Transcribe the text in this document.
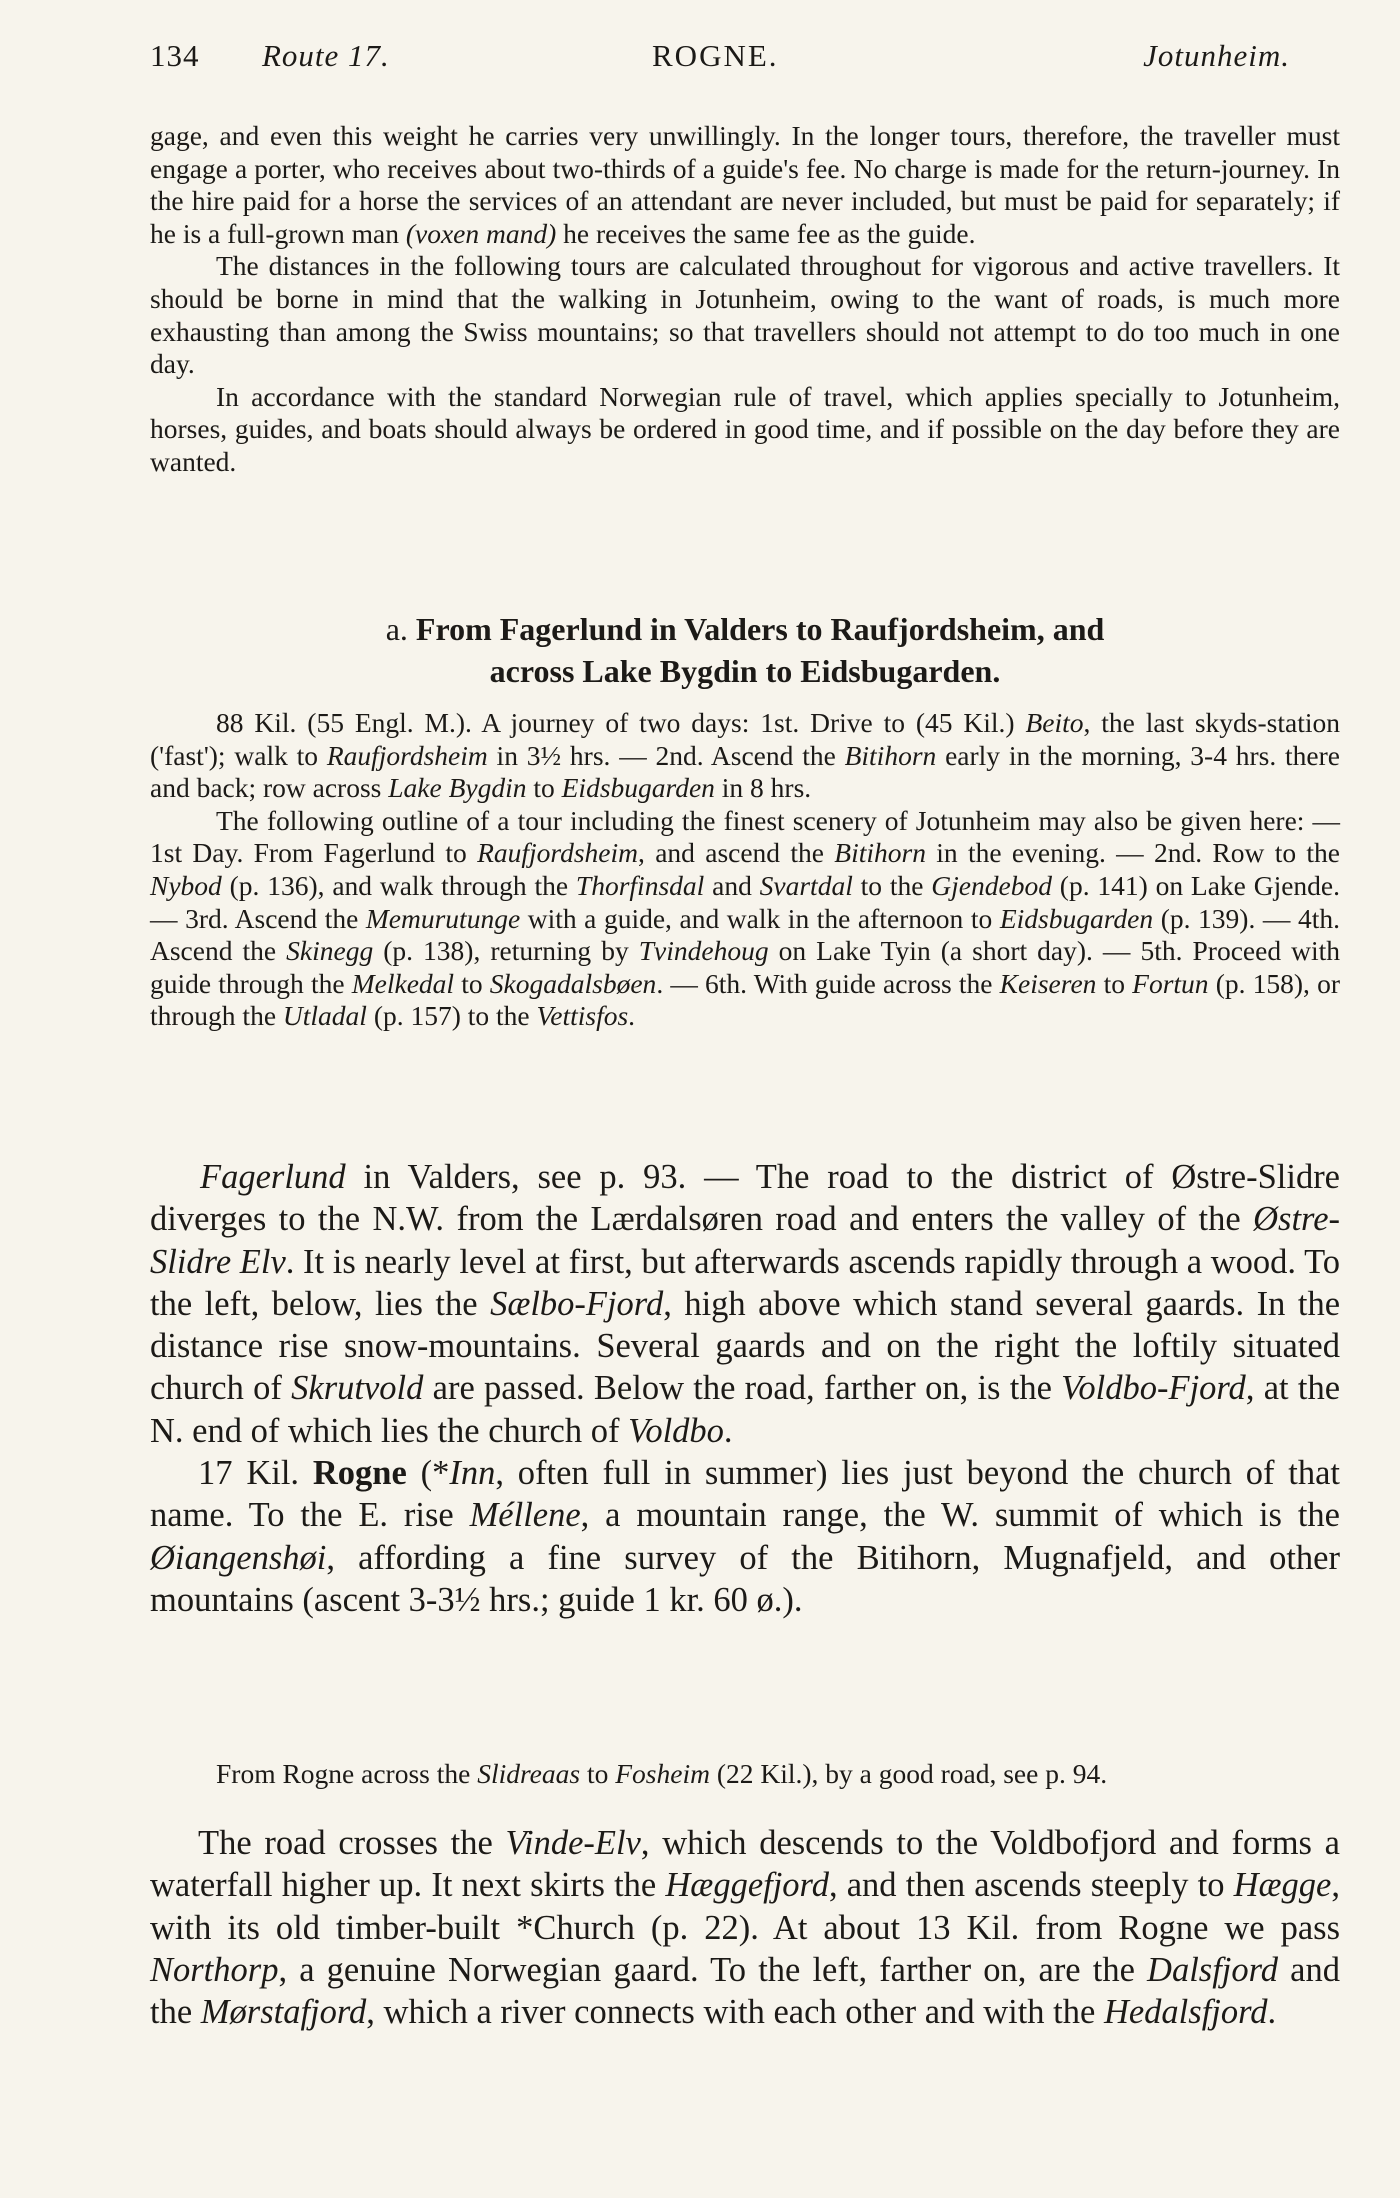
134 Route 17.	ROGNE.	Jotunheim.

gage, and even this weight he carries very unwillingly. In the longer tours, therefore, the traveller must engage a porter, who receives about two-thirds of a guide's fee. No charge is made for the return-journey. In the hire paid for a horse the services of an attendant are never included, but must be paid for separately; if he is a full-grown man (voxen mand) he receives the same fee as the guide.

The distances in the following tours are calculated throughout for vigorous and active travellers. It should be borne in mind that the walking in Jotunheim, owing to the want of roads, is much more exhausting than among the Swiss mountains; so that travellers should not attempt to do too much in one day.

In accordance with the standard Norwegian rule of travel, which applies specially to Jotunheim, horses, guides, and boats should always be ordered in good time, and if possible on the day before they are wanted.

a. From Fagerlund in Valders to Raufjordsheim, and
across Lake Bygdin to Eidsbugarden.

88 Kil. (55 Engl. M.). A journey of two days: 1st. Drive to (45 Kil.) Beito, the last skyds-station ('fast'); walk to Raufjordsheim in 3½ hrs. — 2nd. Ascend the Bitihorn early in the morning, 3-4 hrs. there and back; row across Lake Bygdin to Eidsbugarden in 8 hrs.

The following outline of a tour including the finest scenery of Jotunheim may also be given here: — 1st Day. From Fagerlund to Raufjordsheim, and ascend the Bitihorn in the evening. — 2nd. Row to the Nybod (p. 136), and walk through the Thorfinsdal and Svartdal to the Gjendebod (p. 141) on Lake Gjende. — 3rd. Ascend the Memurutunge with a guide, and walk in the afternoon to Eidsbugarden (p. 139). — 4th. Ascend the Skinegg (p. 138), returning by Tvindehoug on Lake Tyin (a short day). — 5th. Proceed with guide through the Melkedal to Skogadalsbøen. — 6th. With guide across the Keiseren to Fortun (p. 158), or through the Utladal (p. 157) to the Vettisfos.

Fagerlund in Valders, see p. 93. — The road to the district of Østre-Slidre diverges to the N.W. from the Lærdalsøren road and enters the valley of the Østre-Slidre Elv. It is nearly level at first, but afterwards ascends rapidly through a wood. To the left, below, lies the Sælbo-Fjord, high above which stand several gaards. In the distance rise snow-mountains. Several gaards and on the right the loftily situated church of Skrutvold are passed. Below the road, farther on, is the Voldbo-Fjord, at the N. end of which lies the church of Voldbo.

17 Kil. Rogne (*Inn, often full in summer) lies just beyond the church of that name. To the E. rise Méllene, a mountain range, the W. summit of which is the Øiangenshøi, affording a fine survey of the Bitihorn, Mugnafjeld, and other mountains (ascent 3-3½ hrs.; guide 1 kr. 60 ø.).

From Rogne across the Slidreaas to Fosheim (22 Kil.), by a good road, see p. 94.

The road crosses the Vinde-Elv, which descends to the Voldbofjord and forms a waterfall higher up. It next skirts the Hæggefjord, and then ascends steeply to Hægge, with its old timber-built *Church (p. 22). At about 13 Kil. from Rogne we pass Northorp, a genuine Norwegian gaard. To the left, farther on, are the Dalsfjord and the Mørstafjord, which a river connects with each other and with the Hedalsfjord.
